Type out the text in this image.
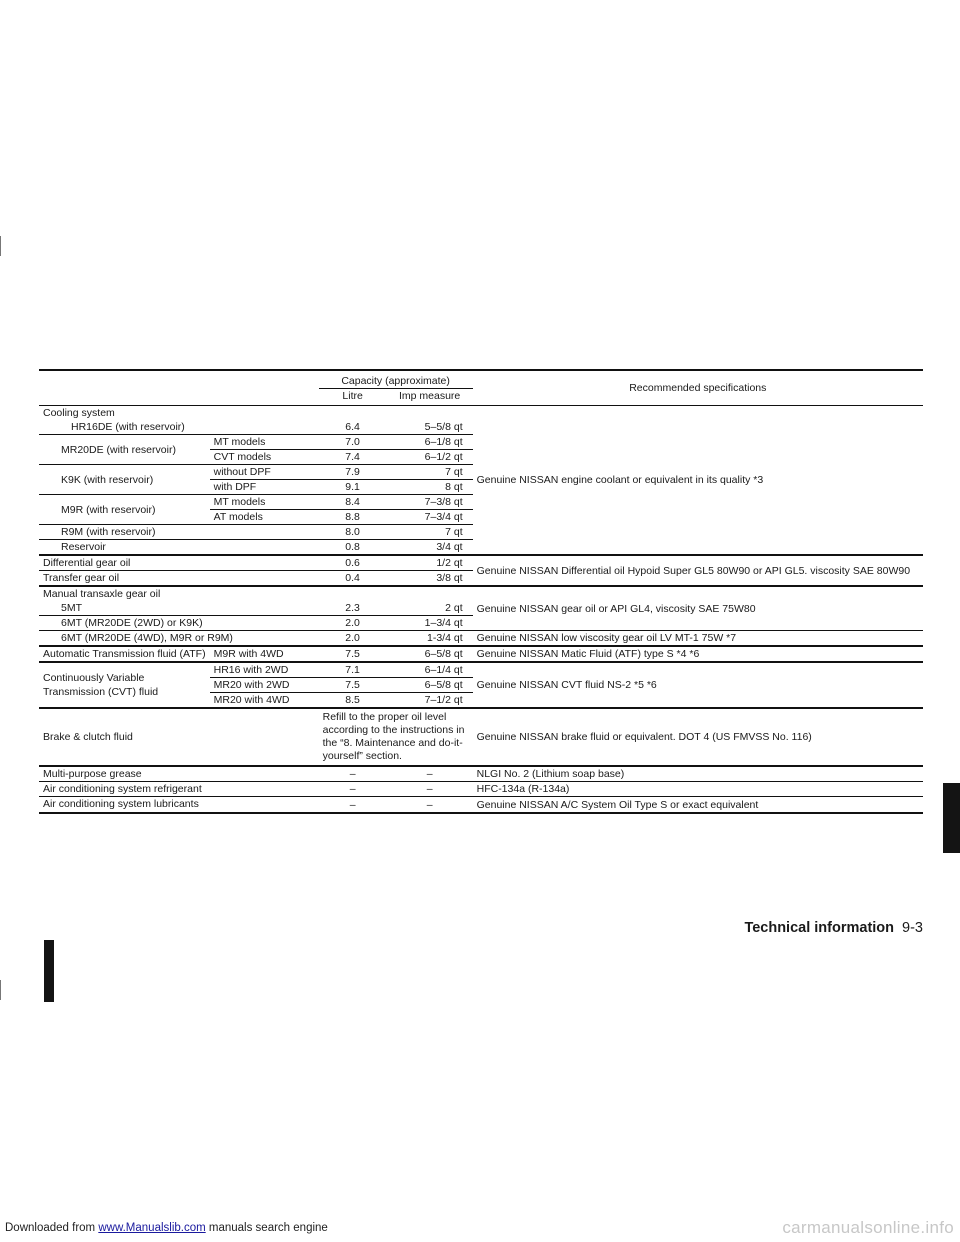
Downloaded from www.Manualslib.com manuals search engine
Technical information 9-3
		Capacity (approximate)		Recommended specifications
		Litre	Imp measure	
Cooling system				Genuine NISSAN engine coolant or equivalent in its quality *3
HR16DE (with reservoir)		6.4	5–5/8 qt	
MR20DE (with reservoir)	MT models	7.0	6–1/8 qt	
	CVT models	7.4	6–1/2 qt	
K9K (with reservoir)	without DPF	7.9	7 qt	
	with DPF	9.1	8 qt	
M9R (with reservoir)	MT models	8.4	7–3/8 qt	
	AT models	8.8	7–3/4 qt	
R9M (with reservoir)		8.0	7 qt	
Reservoir		0.8	3/4 qt	
Differential gear oil		0.6	1/2 qt	Genuine NISSAN Differential oil Hypoid Super GL5 80W90 or API GL5. viscosity SAE 80W90
Transfer gear oil		0.4	3/8 qt	
Manual transaxle gear oil				Genuine NISSAN gear oil or API GL4, viscosity SAE 75W80
5MT		2.3	2 qt	
6MT (MR20DE (2WD) or K9K)		2.0	1–3/4 qt	
6MT (MR20DE (4WD), M9R or R9M)		2.0	1-3/4 qt	Genuine NISSAN low viscosity gear oil LV MT-1 75W *7
Automatic Transmission fluid (ATF)	M9R with 4WD	7.5	6–5/8 qt	Genuine NISSAN Matic Fluid (ATF) type S *4 *6
Continuously Variable Transmission (CVT) fluid	HR16 with 2WD	7.1	6–1/4 qt	Genuine NISSAN CVT fluid NS-2 *5 *6
	MR20 with 2WD	7.5	6–5/8 qt	
	MR20 with 4WD	8.5	7–1/2 qt	
Brake & clutch fluid		Refill to the proper oil level according to the instructions in the “8. Maintenance and do-it-yourself” section.		Genuine NISSAN brake fluid or equivalent. DOT 4 (US FMVSS No. 116)
Multi-purpose grease		–	–	NLGI No. 2 (Lithium soap base)
Air conditioning system refrigerant		–	–	HFC-134a (R-134a)
Air conditioning system lubricants		–	–	Genuine NISSAN A/C System Oil Type S or exact equivalent
carmanualsonline.info
